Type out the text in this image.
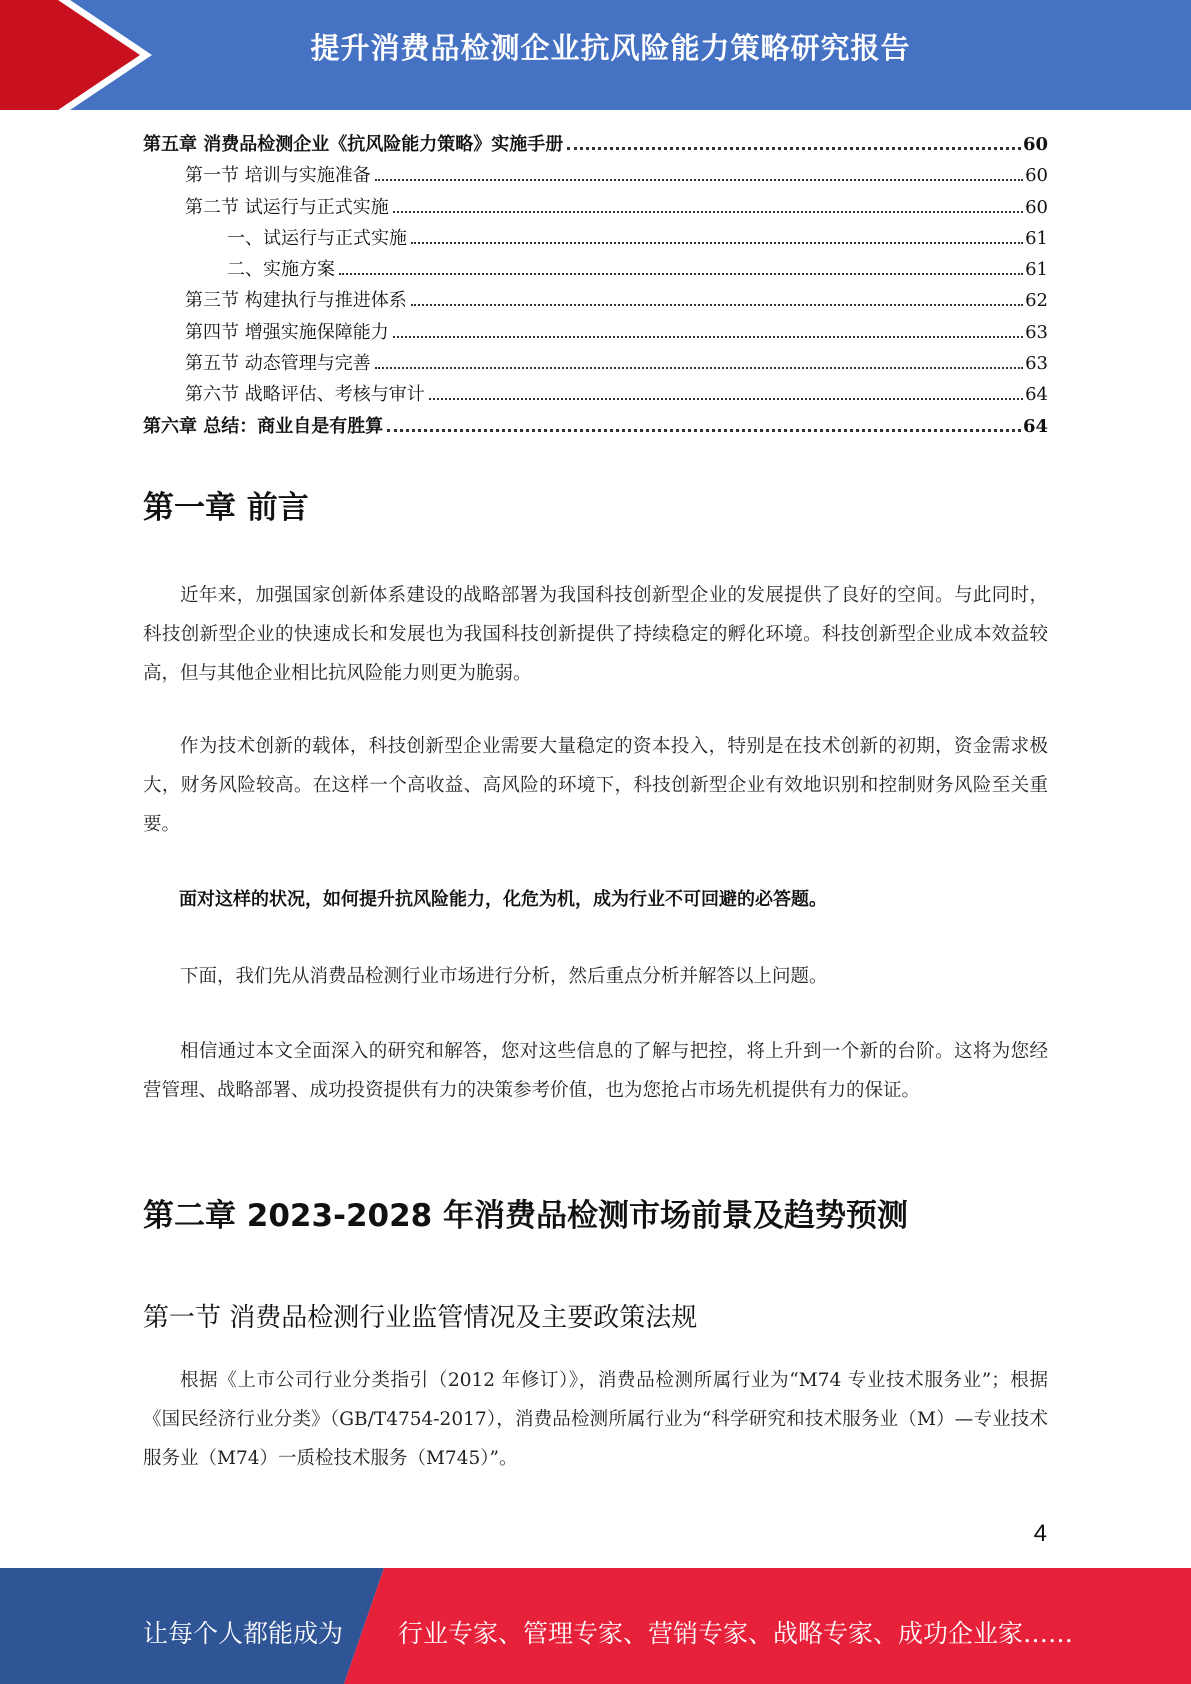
提升消费品检测企业抗风险能力策略研究报告
第五章 消费品检测企业《抗风险能力策略》实施手册	60
第一节 培训与实施准备	60
第二节 试运行与正式实施	60
一、试运行与正式实施	61
二、实施方案	61
第三节 构建执行与推进体系	62
第四节 增强实施保障能力	63
第五节 动态管理与完善	63
第六节 战略评估、考核与审计	64
第六章 总结：商业自是有胜算	64
第一章 前言

近年来，加强国家创新体系建设的战略部署为我国科技创新型企业的发展提供了良好的空间。与此同时，科技创新型企业的快速成长和发展也为我国科技创新提供了持续稳定的孵化环境。科技创新型企业成本效益较高，但与其他企业相比抗风险能力则更为脆弱。

作为技术创新的载体，科技创新型企业需要大量稳定的资本投入，特别是在技术创新的初期，资金需求极大，财务风险较高。在这样一个高收益、高风险的环境下，科技创新型企业有效地识别和控制财务风险至关重要。

面对这样的状况，如何提升抗风险能力，化危为机，成为行业不可回避的必答题。

下面，我们先从消费品检测行业市场进行分析，然后重点分析并解答以上问题。

相信通过本文全面深入的研究和解答，您对这些信息的了解与把控，将上升到一个新的台阶。这将为您经营管理、战略部署、成功投资提供有力的决策参考价值，也为您抢占市场先机提供有力的保证。

第二章 2023-2028 年消费品检测市场前景及趋势预测
第一节 消费品检测行业监管情况及主要政策法规

根据《上市公司行业分类指引（2012 年修订）》，消费品检测所属行业为“M74 专业技术服务业”；根据《国民经济行业分类》（GB/T4754-2017），消费品检测所属行业为“科学研究和技术服务业（M）—专业技术服务业（M74）一质检技术服务（M745）”。

4
让每个人都能成为 行业专家、管理专家、营销专家、战略专家、成功企业家……
